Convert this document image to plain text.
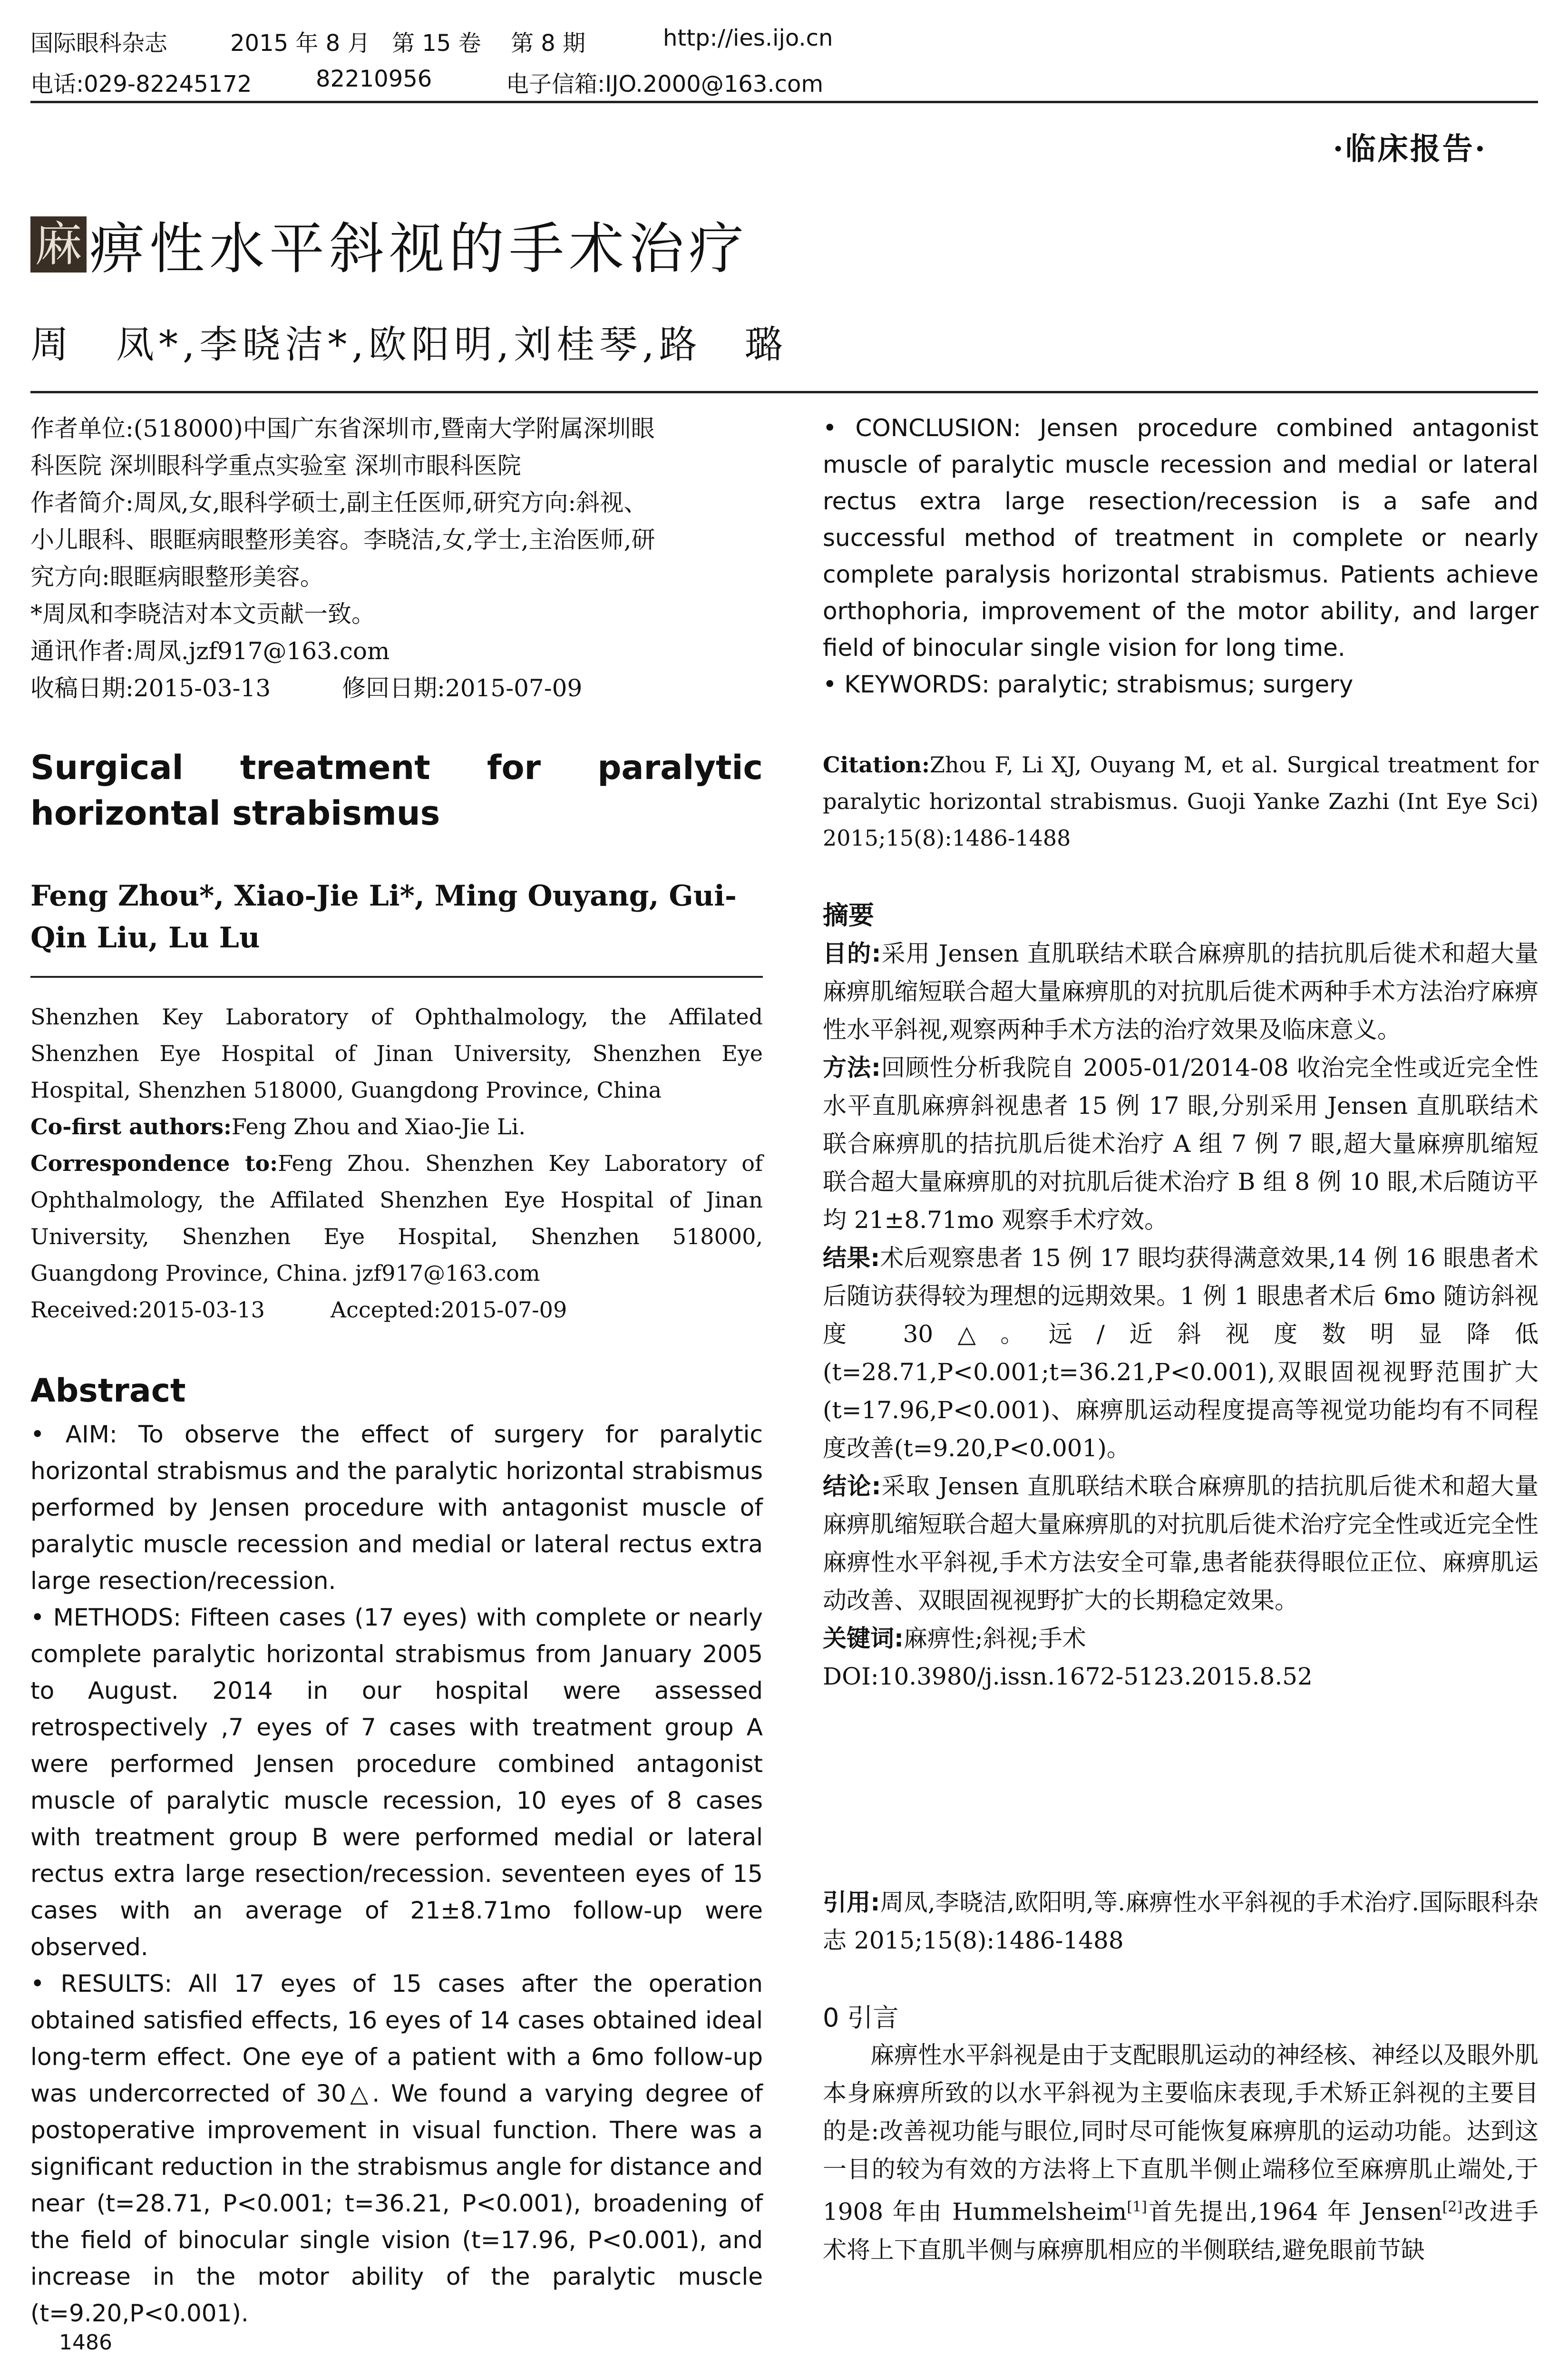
国际眼科杂志	2015 年 8 月 第 15 卷 第 8 期	http://ies.ijo.cn
电话:029-82245172	82210956	电子信箱:IJO.2000@163.com
·临床报告·
麻 痹性水平斜视的手术治疗
周　凤*,李晓洁*,欧阳明,刘桂琴,路　璐
作者单位:(518000)中国广东省深圳市,暨南大学附属深圳眼
科医院 深圳眼科学重点实验室 深圳市眼科医院
作者简介:周凤,女,眼科学硕士,副主任医师,研究方向:斜视、
小儿眼科、眼眶病眼整形美容。李晓洁,女,学士,主治医师,研
究方向:眼眶病眼整形美容。
*周凤和李晓洁对本文贡献一致。
通讯作者:周凤.jzf917@163.com
收稿日期:2015-03-13　　　修回日期:2015-07-09
Surgical treatment for paralytic horizontal strabismus
Feng Zhou*, Xiao-Jie Li*, Ming Ouyang, Gui-Qin Liu, Lu Lu

Shenzhen Key Laboratory of Ophthalmology, the Affilated Shenzhen Eye Hospital of Jinan University, Shenzhen Eye Hospital, Shenzhen 518000, Guangdong Province, China

Co-first authors:Feng Zhou and Xiao-Jie Li.

Correspondence to:Feng Zhou. Shenzhen Key Laboratory of Ophthalmology, the Affilated Shenzhen Eye Hospital of Jinan University, Shenzhen Eye Hospital, Shenzhen 518000, Guangdong Province, China. jzf917@163.com

Received:2015-03-13　　　Accepted:2015-07-09

Abstract

• AIM: To observe the effect of surgery for paralytic horizontal strabismus and the paralytic horizontal strabismus performed by Jensen procedure with antagonist muscle of paralytic muscle recession and medial or lateral rectus extra large resection/recession.

• METHODS: Fifteen cases (17 eyes) with complete or nearly complete paralytic horizontal strabismus from January 2005 to August. 2014 in our hospital were assessed retrospectively ,7 eyes of 7 cases with treatment group A were performed Jensen procedure combined antagonist muscle of paralytic muscle recession, 10 eyes of 8 cases with treatment group B were performed medial or lateral rectus extra large resection/recession. seventeen eyes of 15 cases with an average of 21±8.71mo follow-up were observed.

• RESULTS: All 17 eyes of 15 cases after the operation obtained satisfied effects, 16 eyes of 14 cases obtained ideal long-term effect. One eye of a patient with a 6mo follow-up was undercorrected of 30△. We found a varying degree of postoperative improvement in visual function. There was a significant reduction in the strabismus angle for distance and near (t=28.71, P<0.001; t=36.21, P<0.001), broadening of the field of binocular single vision (t=17.96, P<0.001), and increase in the motor ability of the paralytic muscle (t=9.20,P<0.001).

• CONCLUSION: Jensen procedure combined antagonist muscle of paralytic muscle recession and medial or lateral rectus extra large resection/recession is a safe and successful method of treatment in complete or nearly complete paralysis horizontal strabismus. Patients achieve orthophoria, improvement of the motor ability, and larger field of binocular single vision for long time.

• KEYWORDS: paralytic; strabismus; surgery

Citation:Zhou F, Li XJ, Ouyang M, et al. Surgical treatment for paralytic horizontal strabismus. Guoji Yanke Zazhi (Int Eye Sci) 2015;15(8):1486-1488

摘要

目的:采用 Jensen 直肌联结术联合麻痹肌的拮抗肌后徙术和超大量麻痹肌缩短联合超大量麻痹肌的对抗肌后徙术两种手术方法治疗麻痹性水平斜视,观察两种手术方法的治疗效果及临床意义。

方法:回顾性分析我院自 2005-01/2014-08 收治完全性或近完全性水平直肌麻痹斜视患者 15 例 17 眼,分别采用 Jensen 直肌联结术联合麻痹肌的拮抗肌后徙术治疗 A 组 7 例 7 眼,超大量麻痹肌缩短联合超大量麻痹肌的对抗肌后徙术治疗 B 组 8 例 10 眼,术后随访平均 21±8.71mo 观察手术疗效。

结果:术后观察患者 15 例 17 眼均获得满意效果,14 例 16 眼患者术后随访获得较为理想的远期效果。1 例 1 眼患者术后 6mo 随访斜视度 30△。远/近斜视度数明显降低(t=28.71,P<0.001;t=36.21,P<0.001),双眼固视视野范围扩大(t=17.96,P<0.001)、麻痹肌运动程度提高等视觉功能均有不同程度改善(t=9.20,P<0.001)。

结论:采取 Jensen 直肌联结术联合麻痹肌的拮抗肌后徙术和超大量麻痹肌缩短联合超大量麻痹肌的对抗肌后徙术治疗完全性或近完全性麻痹性水平斜视,手术方法安全可靠,患者能获得眼位正位、麻痹肌运动改善、双眼固视视野扩大的长期稳定效果。

关键词:麻痹性;斜视;手术

DOI:10.3980/j.issn.1672-5123.2015.8.52

引用:周凤,李晓洁,欧阳明,等.麻痹性水平斜视的手术治疗.国际眼科杂志 2015;15(8):1486-1488

0 引言

麻痹性水平斜视是由于支配眼肌运动的神经核、神经以及眼外肌本身麻痹所致的以水平斜视为主要临床表现,手术矫正斜视的主要目的是:改善视功能与眼位,同时尽可能恢复麻痹肌的运动功能。达到这一目的较为有效的方法将上下直肌半侧止端移位至麻痹肌止端处,于 1908 年由 Hummelsheim[1]首先提出,1964 年 Jensen[2]改进手术将上下直肌半侧与麻痹肌相应的半侧联结,避免眼前节缺

1486
